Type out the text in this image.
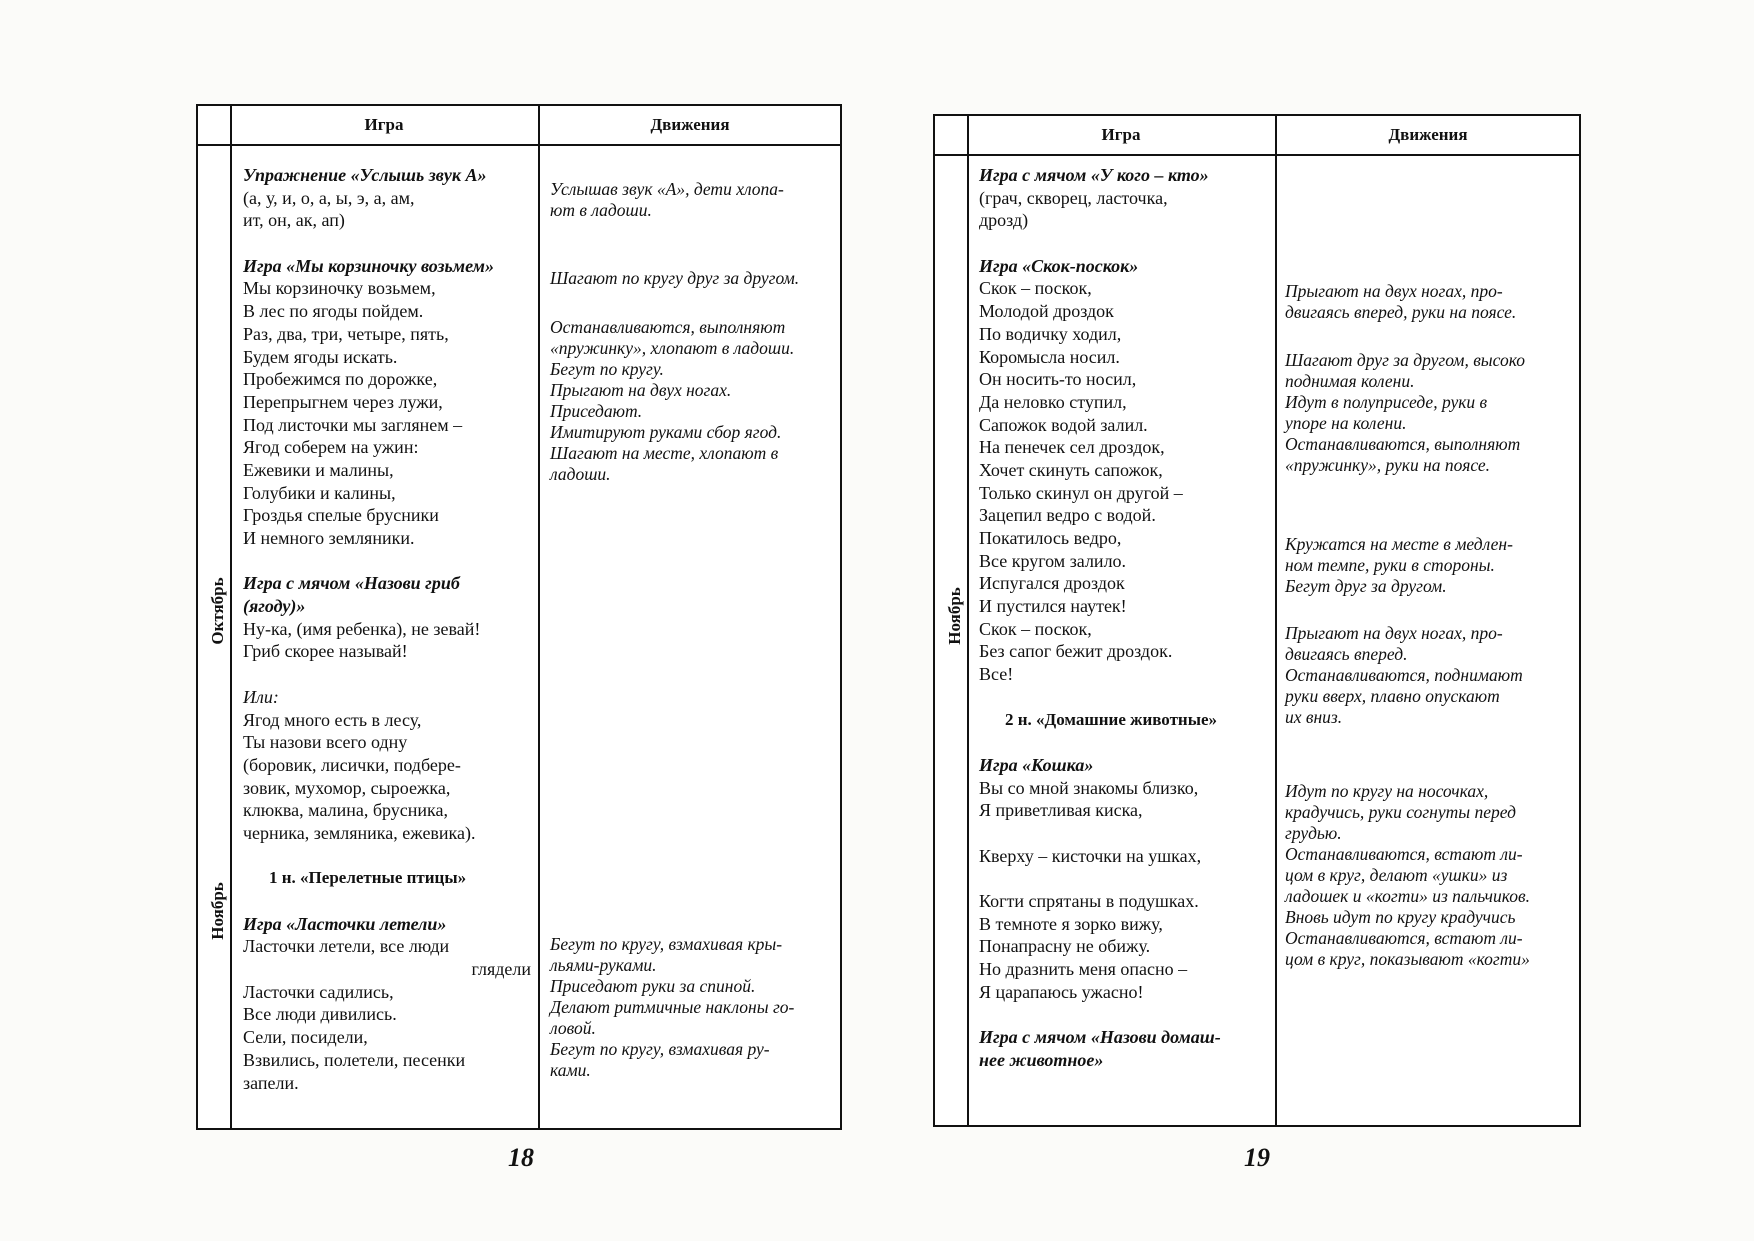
Игра	Движения
Октябрь
Ноябрь
Упражнение «Услышь звук А»
(а, у, и, о, а, ы, э, а, ам,
ит, он, ак, ап)
Игра «Мы корзиночку возьмем»
Мы корзиночку возьмем,
В лес по ягоды пойдем.
Раз, два, три, четыре, пять,
Будем ягоды искать.
Пробежимся по дорожке,
Перепрыгнем через лужи,
Под листочки мы заглянем –
Ягод соберем на ужин:
Ежевики и малины,
Голубики и калины,
Гроздья спелые брусники
И немного земляники.
Игра с мячом «Назови гриб
(ягоду)»
Ну-ка, (имя ребенка), не зевай!
Гриб скорее называй!
Или:
Ягод много есть в лесу,
Ты назови всего одну
(боровик, лисички, подбере-
зовик, мухомор, сыроежка,
клюква, малина, брусника,
черника, земляника, ежевика).
1 н. «Перелетные птицы»
Игра «Ласточки летели»
Ласточки летели, все люди
глядели
Ласточки садились,
Все люди дивились.
Сели, посидели,
Взвились, полетели, песенки
запели.
Услышав звук «А», дети хлопа-
ют в ладоши.
Шагают по кругу друг за другом.
Останавливаются, выполняют
«пружинку», хлопают в ладоши.
Бегут по кругу.
Прыгают на двух ногах.
Приседают.
Имитируют руками сбор ягод.
Шагают на месте, хлопают в
ладоши.
Бегут по кругу, взмахивая кры-
льями-руками.
Приседают руки за спиной.
Делают ритмичные наклоны го-
ловой.
Бегут по кругу, взмахивая ру-
ками.
18
Игра	Движения
Ноябрь
Игра с мячом «У кого – кто»
(грач, скворец, ласточка,
дрозд)
Игра «Скок-поскок»
Скок – поскок,
Молодой дроздок
По водичку ходил,
Коромысла носил.
Он носить-то носил,
Да неловко ступил,
Сапожок водой залил.
На пенечек сел дроздок,
Хочет скинуть сапожок,
Только скинул он другой –
Зацепил ведро с водой.
Покатилось ведро,
Все кругом залило.
Испугался дроздок
И пустился наутек!
Скок – поскок,
Без сапог бежит дроздок.
Все!
2 н. «Домашние животные»
Игра «Кошка»
Вы со мной знакомы близко,
Я приветливая киска,
Кверху – кисточки на ушках,
Когти спрятаны в подушках.
В темноте я зорко вижу,
Понапрасну не обижу.
Но дразнить меня опасно –
Я царапаюсь ужасно!
Игра с мячом «Назови домаш-
нее животное»
Прыгают на двух ногах, про-
двигаясь вперед, руки на поясе.
Шагают друг за другом, высоко
поднимая колени.
Идут в полуприседе, руки в
упоре на колени.
Останавливаются, выполняют
«пружинку», руки на поясе.
Кружатся на месте в медлен-
ном темпе, руки в стороны.
Бегут друг за другом.
Прыгают на двух ногах, про-
двигаясь вперед.
Останавливаются, поднимают
руки вверх, плавно опускают
их вниз.
Идут по кругу на носочках,
крадучись, руки согнуты перед
грудью.
Останавливаются, встают ли-
цом в круг, делают «ушки» из
ладошек и «когти» из пальчиков.
Вновь идут по кругу крадучись
Останавливаются, встают ли-
цом в круг, показывают «когти»
19
